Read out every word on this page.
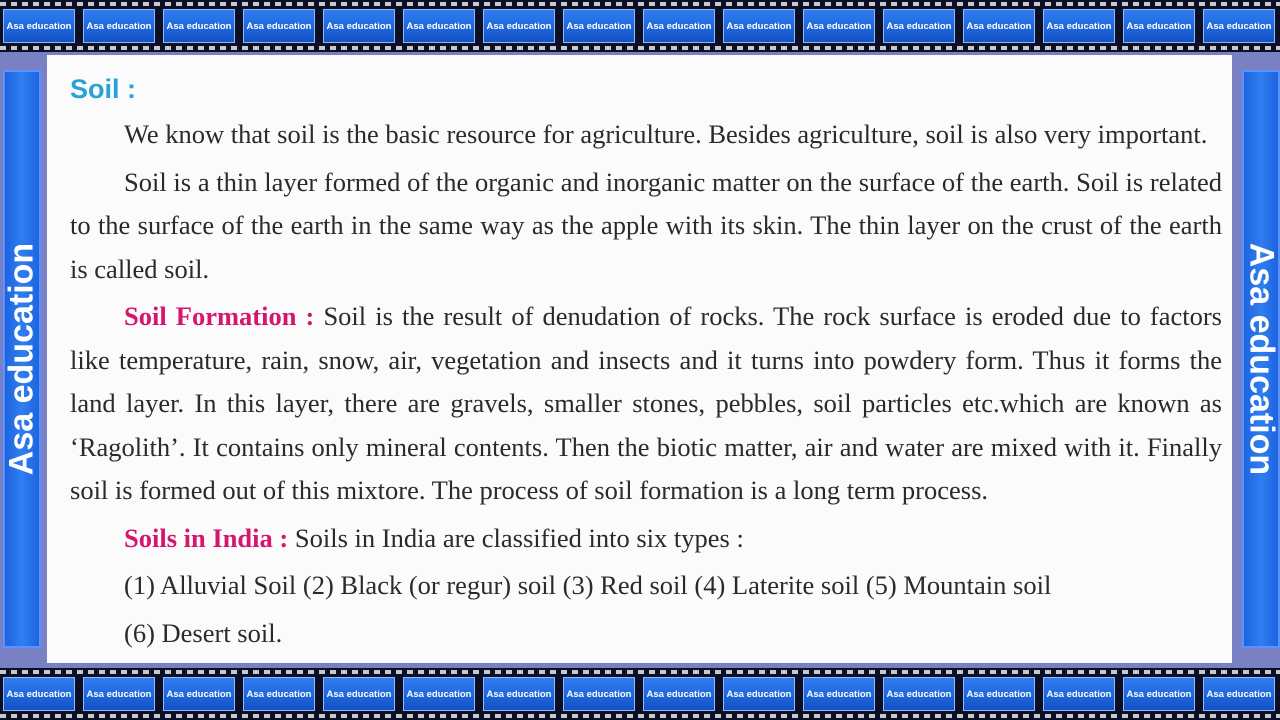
Asa education	Asa education	Asa education	Asa education	Asa education	Asa education	Asa education	Asa education	Asa education	Asa education	Asa education	Asa education	Asa education	Asa education	Asa education	Asa education
Asa education	Asa education
Soil :

We know that soil is the basic resource for agriculture. Besides agriculture, soil is also very important.

Soil is a thin layer formed of the organic and inorganic matter on the surface of the earth. Soil is related to the surface of the earth in the same way as the apple with its skin. The thin layer on the crust of the earth is called soil.

Soil Formation : Soil is the result of denudation of rocks. The rock surface is eroded due to factors like temperature, rain, snow, air, vegetation and insects and it turns into powdery form. Thus it forms the land layer. In this layer, there are gravels, smaller stones, pebbles, soil particles etc.which are known as ‘Ragolith’. It contains only mineral contents. Then the biotic matter, air and water are mixed with it. Finally soil is formed out of this mixtore. The process of soil formation is a long term process.

Soils in India : Soils in India are classified into six types :

(1) Alluvial Soil (2) Black (or regur) soil (3) Red soil (4) Laterite soil (5) Mountain soil
(6) Desert soil.
Asa education	Asa education	Asa education	Asa education	Asa education	Asa education	Asa education	Asa education	Asa education	Asa education	Asa education	Asa education	Asa education	Asa education	Asa education	Asa education
